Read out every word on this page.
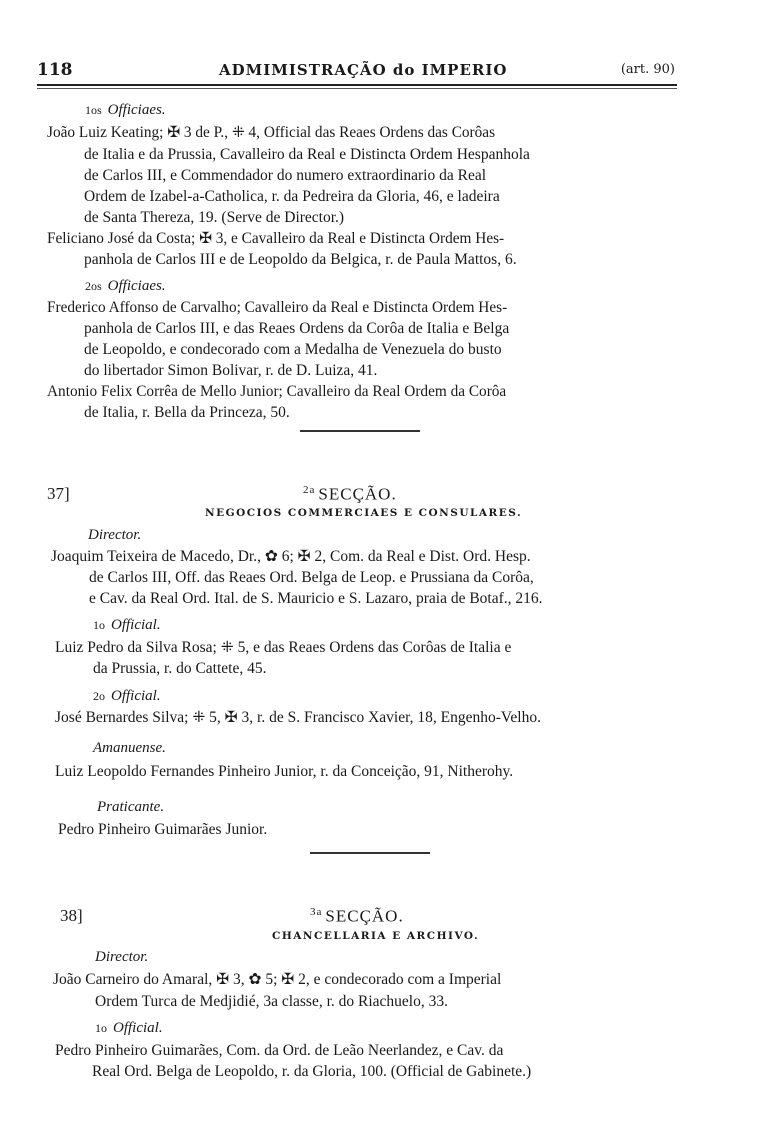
118	ADMIMISTRAÇÃO do IMPERIO	(art. 90)
1os Officiaes.
João Luiz Keating; ✠ 3 de P., ⁜ 4, Official das Reaes Ordens das Corôas
de Italia e da Prussia, Cavalleiro da Real e Distincta Ordem Hespanhola
de Carlos III, e Commendador do numero extraordinario da Real
Ordem de Izabel-a-Catholica, r. da Pedreira da Gloria, 46, e ladeira
de Santa Thereza, 19. (Serve de Director.)
Feliciano José da Costa; ✠ 3, e Cavalleiro da Real e Distincta Ordem Hes-
panhola de Carlos III e de Leopoldo da Belgica, r. de Paula Mattos, 6.
2os Officiaes.
Frederico Affonso de Carvalho; Cavalleiro da Real e Distincta Ordem Hes-
panhola de Carlos III, e das Reaes Ordens da Corôa de Italia e Belga
de Leopoldo, e condecorado com a Medalha de Venezuela do busto
do libertador Simon Bolivar, r. de D. Luiza, 41.
Antonio Felix Corrêa de Mello Junior; Cavalleiro da Real Ordem da Corôa
de Italia, r. Bella da Princeza, 50.
37]	$^{2a}$ SECÇÃO.
NEGOCIOS COMMERCIAES E CONSULARES.
Director.
Joaquim Teixeira de Macedo, Dr., ✿ 6; ✠ 2, Com. da Real e Dist. Ord. Hesp.
de Carlos III, Off. das Reaes Ord. Belga de Leop. e Prussiana da Corôa,
e Cav. da Real Ord. Ital. de S. Mauricio e S. Lazaro, praia de Botaf., 216.
1o Official.
Luiz Pedro da Silva Rosa; ⁜ 5, e das Reaes Ordens das Corôas de Italia e
da Prussia, r. do Cattete, 45.
2o Official.
José Bernardes Silva; ⁜ 5, ✠ 3, r. de S. Francisco Xavier, 18, Engenho-Velho.
Amanuense.
Luiz Leopoldo Fernandes Pinheiro Junior, r. da Conceição, 91, Nitherohy.
Praticante.
Pedro Pinheiro Guimarães Junior.
38]	$^{3a}$ SECÇÃO.
CHANCELLARIA E ARCHIVO.
Director.
João Carneiro do Amaral, ✠ 3, ✿ 5; ✠ 2, e condecorado com a Imperial
Ordem Turca de Medjidié, 3a classe, r. do Riachuelo, 33.
1o Official.
Pedro Pinheiro Guimarães, Com. da Ord. de Leão Neerlandez, e Cav. da
Real Ord. Belga de Leopoldo, r. da Gloria, 100. (Official de Gabinete.)
